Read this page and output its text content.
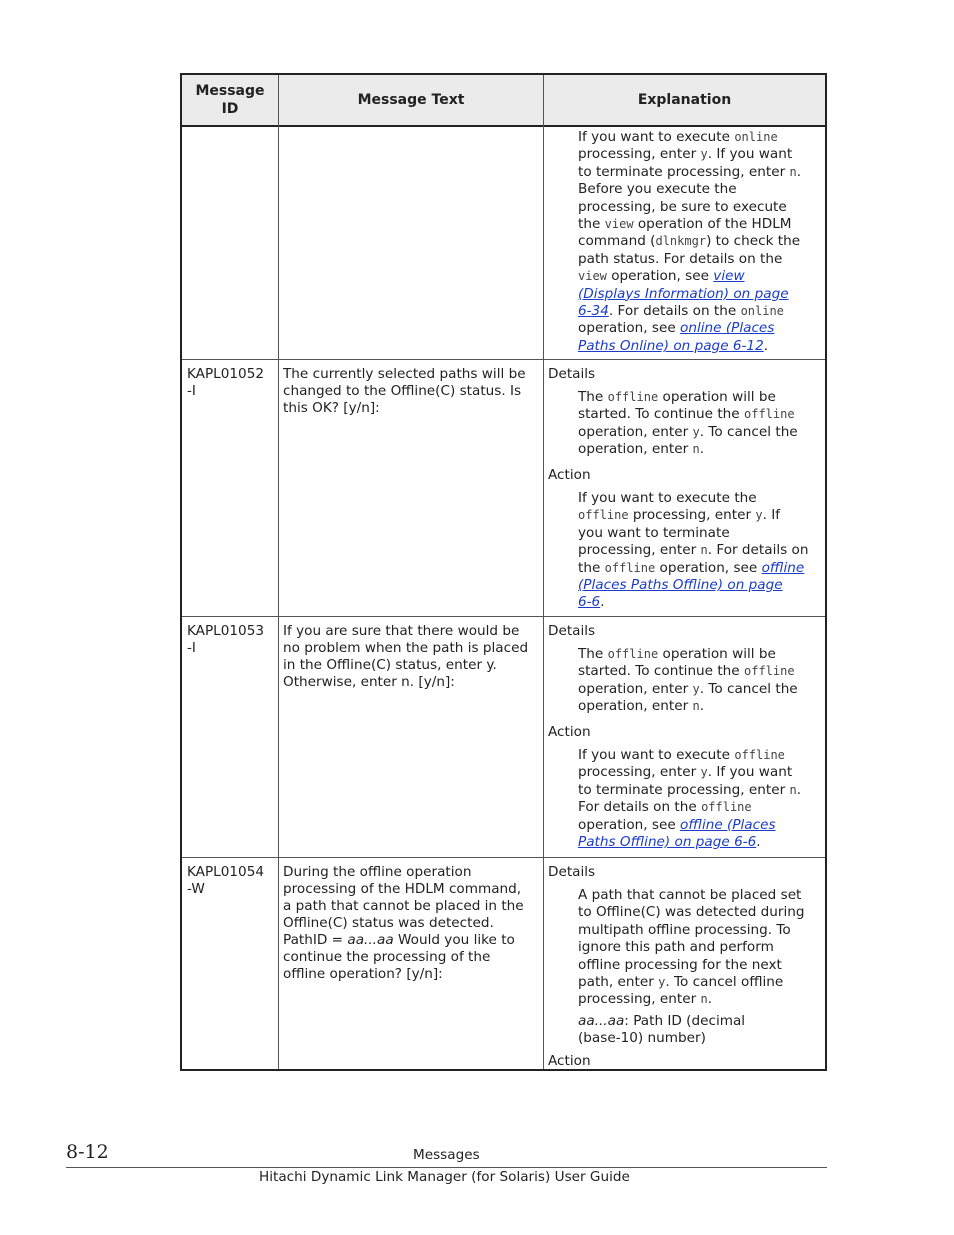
Message
ID
Message Text	Explanation
If you want to execute online
processing, enter y. If you want
to terminate processing, enter n.
Before you execute the
processing, be sure to execute
the view operation of the HDLM
command (dlnkmgr) to check the
path status. For details on the
view operation, see view
(Displays Information) on page
6-34. For details on the online
operation, see online (Places
Paths Online) on page 6-12.
KAPL01052
-I
The currently selected paths will be
changed to the Offline(C) status. Is
this OK? [y/n]:
Details
The offline operation will be
started. To continue the offline
operation, enter y. To cancel the
operation, enter n.
Action
If you want to execute the
offline processing, enter y. If
you want to terminate
processing, enter n. For details on
the offline operation, see offline
(Places Paths Offline) on page
6-6.
KAPL01053
-I
If you are sure that there would be
no problem when the path is placed
in the Offline(C) status, enter y.
Otherwise, enter n. [y/n]:
Details
The offline operation will be
started. To continue the offline
operation, enter y. To cancel the
operation, enter n.
Action
If you want to execute offline
processing, enter y. If you want
to terminate processing, enter n.
For details on the offline
operation, see offline (Places
Paths Offline) on page 6-6.
KAPL01054
-W
During the offline operation
processing of the HDLM command,
a path that cannot be placed in the
Offline(C) status was detected.
PathID = aa...aa Would you like to
continue the processing of the
offline operation? [y/n]:
Details
A path that cannot be placed set
to Offline(C) was detected during
multipath offline processing. To
ignore this path and perform
offline processing for the next
path, enter y. To cancel offline
processing, enter n.
aa...aa: Path ID (decimal
(base-10) number)
Action
8-12	Messages
Hitachi Dynamic Link Manager (for Solaris) User Guide
